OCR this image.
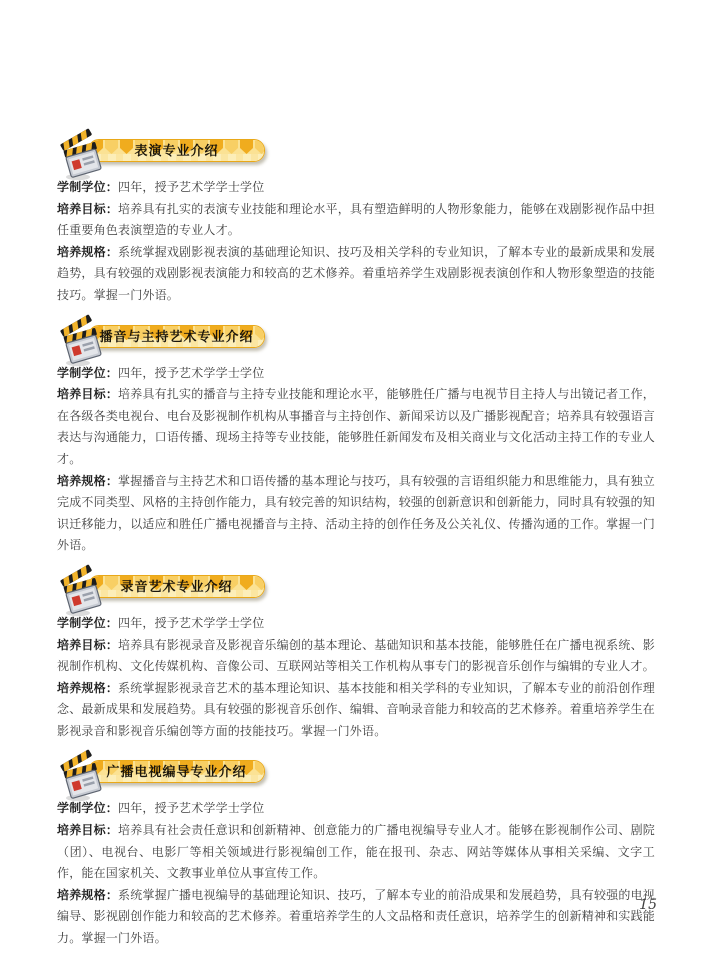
表演专业介绍

学制学位：四年，授予艺术学学士学位

培养目标：培养具有扎实的表演专业技能和理论水平，具有塑造鲜明的人物形象能力，能够在戏剧影视作品中担任重要角色表演塑造的专业人才。

培养规格：系统掌握戏剧影视表演的基础理论知识、技巧及相关学科的专业知识，了解本专业的最新成果和发展趋势，具有较强的戏剧影视表演能力和较高的艺术修养。着重培养学生戏剧影视表演创作和人物形象塑造的技能技巧。掌握一门外语。

播音与主持艺术专业介绍

学制学位：四年，授予艺术学学士学位

培养目标：培养具有扎实的播音与主持专业技能和理论水平，能够胜任广播与电视节目主持人与出镜记者工作，在各级各类电视台、电台及影视制作机构从事播音与主持创作、新闻采访以及广播影视配音；培养具有较强语言表达与沟通能力，口语传播、现场主持等专业技能，能够胜任新闻发布及相关商业与文化活动主持工作的专业人才。

培养规格：掌握播音与主持艺术和口语传播的基本理论与技巧，具有较强的言语组织能力和思维能力，具有独立完成不同类型、风格的主持创作能力，具有较完善的知识结构，较强的创新意识和创新能力，同时具有较强的知识迁移能力，以适应和胜任广播电视播音与主持、活动主持的创作任务及公关礼仪、传播沟通的工作。掌握一门外语。

录音艺术专业介绍

学制学位：四年，授予艺术学学士学位

培养目标：培养具有影视录音及影视音乐编创的基本理论、基础知识和基本技能，能够胜任在广播电视系统、影视制作机构、文化传媒机构、音像公司、互联网站等相关工作机构从事专门的影视音乐创作与编辑的专业人才。

培养规格：系统掌握影视录音艺术的基本理论知识、基本技能和相关学科的专业知识，了解本专业的前沿创作理念、最新成果和发展趋势。具有较强的影视音乐创作、编辑、音响录音能力和较高的艺术修养。着重培养学生在影视录音和影视音乐编创等方面的技能技巧。掌握一门外语。

广播电视编导专业介绍

学制学位：四年，授予艺术学学士学位

培养目标：培养具有社会责任意识和创新精神、创意能力的广播电视编导专业人才。能够在影视制作公司、剧院（团）、电视台、电影厂等相关领域进行影视编创工作，能在报刊、杂志、网站等媒体从事相关采编、文字工作，能在国家机关、文教事业单位从事宣传工作。

培养规格：系统掌握广播电视编导的基础理论知识、技巧，了解本专业的前沿成果和发展趋势，具有较强的电视编导、影视剧创作能力和较高的艺术修养。着重培养学生的人文品格和责任意识，培养学生的创新精神和实践能力。掌握一门外语。

15
